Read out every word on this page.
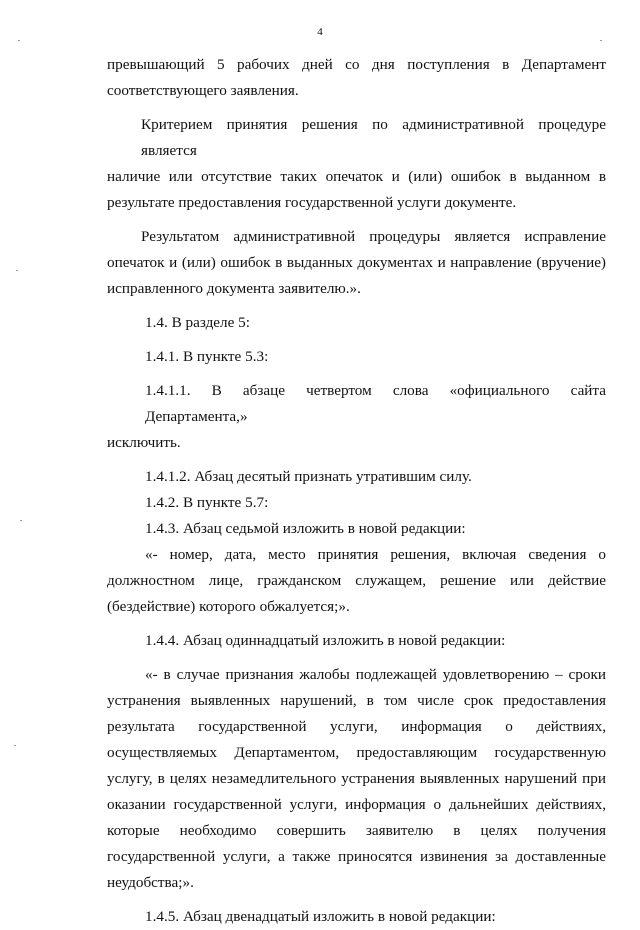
4

превышающий 5 рабочих дней со дня поступления в Департамент

соответствующего заявления.

Критерием принятия решения по административной процедуре является

наличие или отсутствие таких опечаток и (или) ошибок в выданном в

результате предоставления государственной услуги документе.

Результатом административной процедуры является исправление

опечаток и (или) ошибок в выданных документах и направление (вручение)

исправленного документа заявителю.».

1.4. В разделе 5:

1.4.1. В пункте 5.3:

1.4.1.1. В абзаце четвертом слова «официального сайта Департамента,»

исключить.

1.4.1.2. Абзац десятый признать утратившим силу.

1.4.2. В пункте 5.7:

1.4.3. Абзац седьмой изложить в новой редакции:

«- номер, дата, место принятия решения, включая сведения о

должностном лице, гражданском служащем, решение или действие

(бездействие) которого обжалуется;».

1.4.4. Абзац одиннадцатый изложить в новой редакции:

«- в случае признания жалобы подлежащей удовлетворению – сроки

устранения выявленных нарушений, в том числе срок предоставления

результата государственной услуги, информация о действиях,

осуществляемых Департаментом, предоставляющим государственную

услугу, в целях незамедлительного устранения выявленных нарушений при

оказании государственной услуги, информация о дальнейших действиях,

которые необходимо совершить заявителю в целях получения

государственной услуги, а также приносятся извинения за доставленные

неудобства;».

1.4.5. Абзац двенадцатый изложить в новой редакции:
